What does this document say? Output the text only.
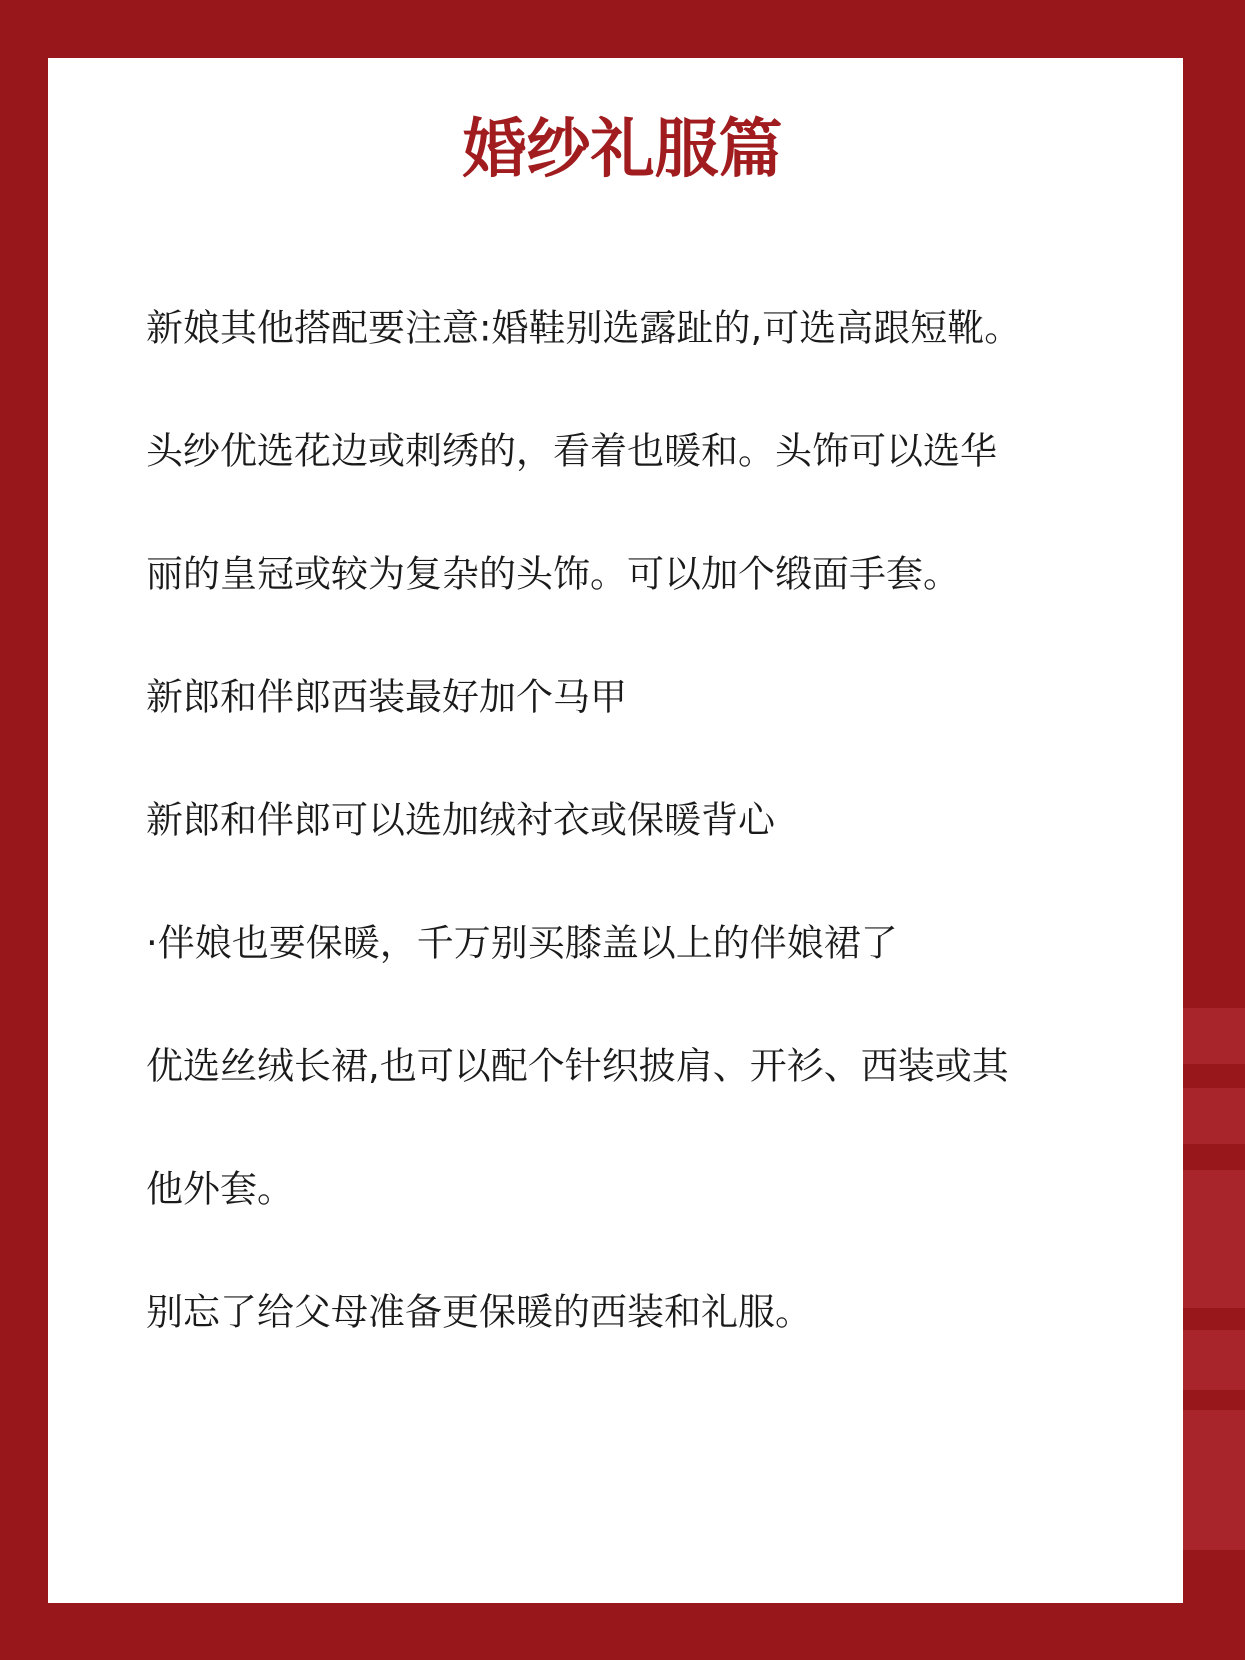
婚纱礼服篇
新娘其他搭配要注意:婚鞋别选露趾的,可选高跟短靴。
头纱优选花边或刺绣的，看着也暖和。头饰可以选华
丽的皇冠或较为复杂的头饰。可以加个缎面手套。
新郎和伴郎西装最好加个马甲
新郎和伴郎可以选加绒衬衣或保暖背心
·伴娘也要保暖，千万别买膝盖以上的伴娘裙了
优选丝绒长裙,也可以配个针织披肩、开衫、西装或其
他外套。
别忘了给父母准备更保暖的西装和礼服。
